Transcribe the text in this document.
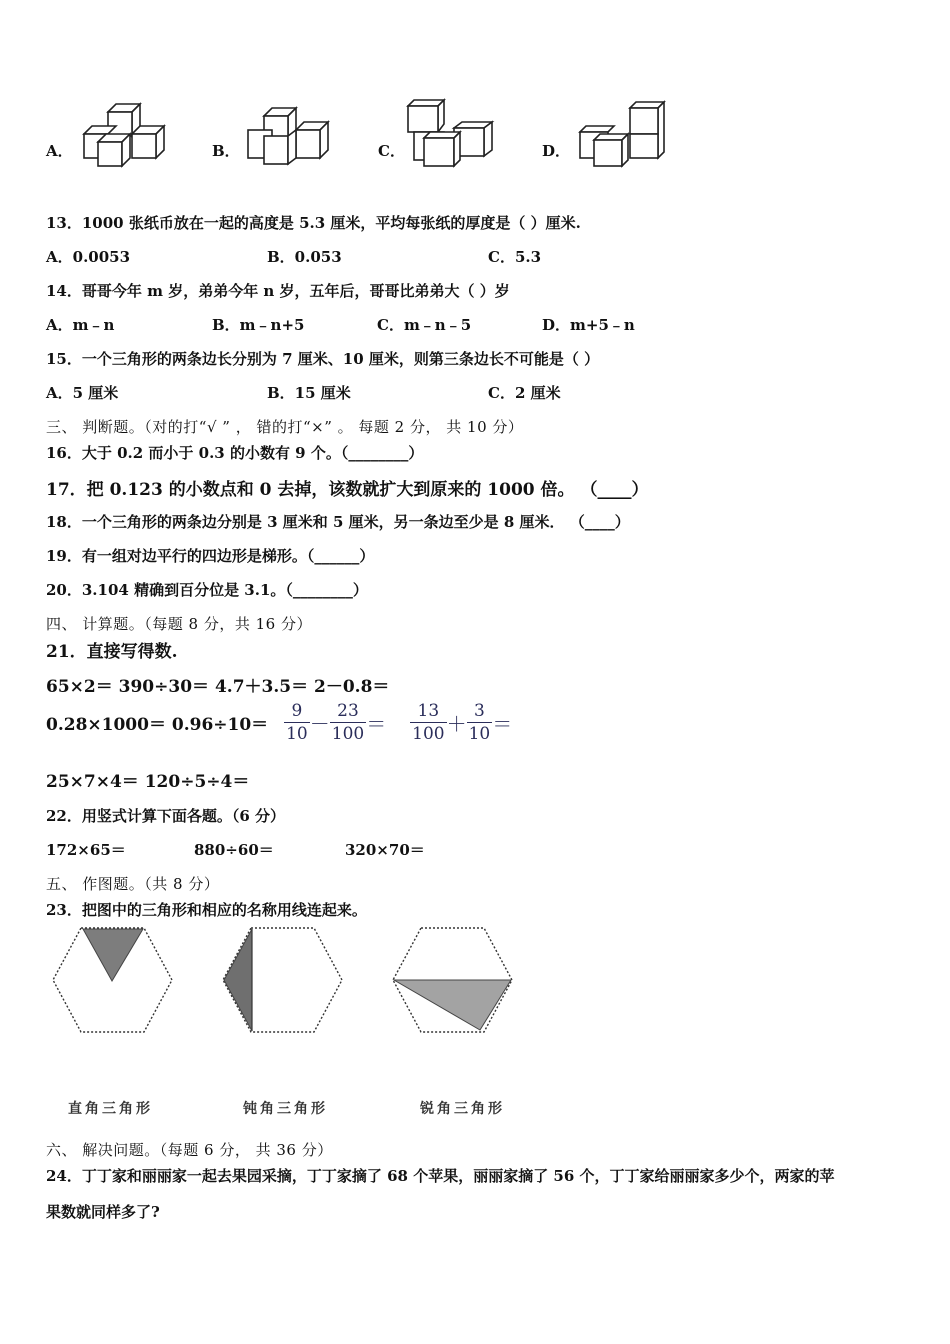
A．	B．	C．	D．
13．1000 张纸币放在一起的高度是 5.3 厘米，平均每张纸的厚度是（ ）厘米.
A．0.0053	B．0.053	C．5.3
14．哥哥今年 m 岁，弟弟今年 n 岁，五年后，哥哥比弟弟大（ ）岁
A．m﹣n	B．m﹣n+5	C．m﹣n﹣5	D．m+5﹣n
15．一个三角形的两条边长分别为 7 厘米、10 厘米，则第三条边长不可能是（ ）
A．5 厘米	B．15 厘米	C．2 厘米
三、 判断题。（对的打“√ ” ， 错的打“×” 。 每题 2 分， 共 10 分）
16．大于 0.2 而小于 0.3 的小数有 9 个。（________）
17．把 0.123 的小数点和 0 去掉，该数就扩大到原来的 1000 倍。 （____）
18．一个三角形的两条边分别是 3 厘米和 5 厘米，另一条边至少是 8 厘米． （____）
19．有一组对边平行的四边形是梯形。（______）
20．3.104 精确到百分位是 3.1。（________）
四、 计算题。（每题 8 分，共 16 分）
21．直接写得数.
65×2＝ 390÷30＝ 4.7＋3.5＝ 2－0.8＝
$0.28\times 1000= 0.96\div 10= \frac{9}{10} - \frac{23}{100} = \frac{13}{100} + \frac{3}{10}$ ＝
25×7×4＝ 120÷5÷4＝
22．用竖式计算下面各题。（6 分）
172×65＝	880÷60＝	320×70＝
五、 作图题。（共 8 分）
23．把图中的三角形和相应的名称用线连起来。
直角三角形	钝角三角形	锐角三角形
六、 解决问题。（每题 6 分， 共 36 分）
24．丁丁家和丽丽家一起去果园采摘，丁丁家摘了 68 个苹果，丽丽家摘了 56 个，丁丁家给丽丽家多少个，两家的苹
果数就同样多了?
